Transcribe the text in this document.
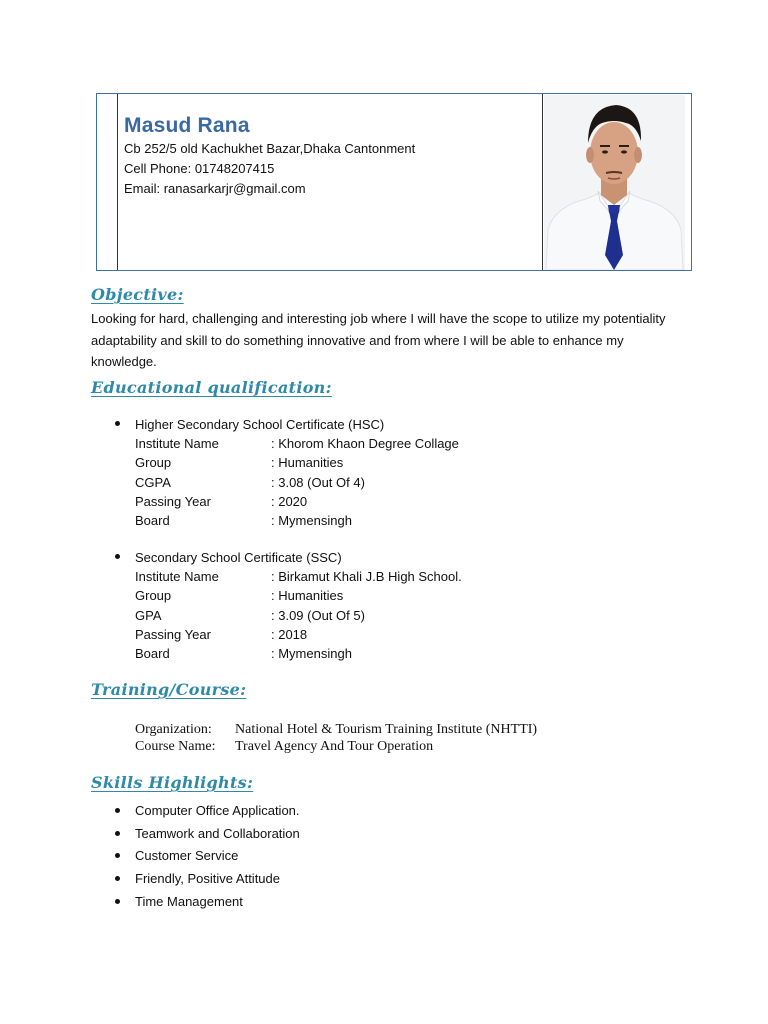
Masud Rana
Cb 252/5 old Kachukhet Bazar,Dhaka Cantonment
Cell Phone: 01748207415
Email: ranasarkarjr@gmail.com
Objective:
Looking for hard, challenging and interesting job where I will have the scope to utilize my potentiality adaptability and skill to do something innovative and from where I will be able to enhance my knowledge.
Educational qualification:
Higher Secondary School Certificate (HSC)
Institute Name	: Khorom Khaon Degree Collage
Group	: Humanities
CGPA	: 3.08 (Out Of 4)
Passing Year	: 2020
Board	: Mymensingh
Secondary School Certificate (SSC)
Institute Name	: Birkamut Khali J.B High School.
Group	: Humanities
GPA	: 3.09 (Out Of 5)
Passing Year	: 2018
Board	: Mymensingh
Training/Course:
Organization:	National Hotel & Tourism Training Institute (NHTTI)
Course Name:	Travel Agency And Tour Operation
Skills Highlights:
Computer Office Application.
Teamwork and Collaboration
Customer Service
Friendly, Positive Attitude
Time Management
